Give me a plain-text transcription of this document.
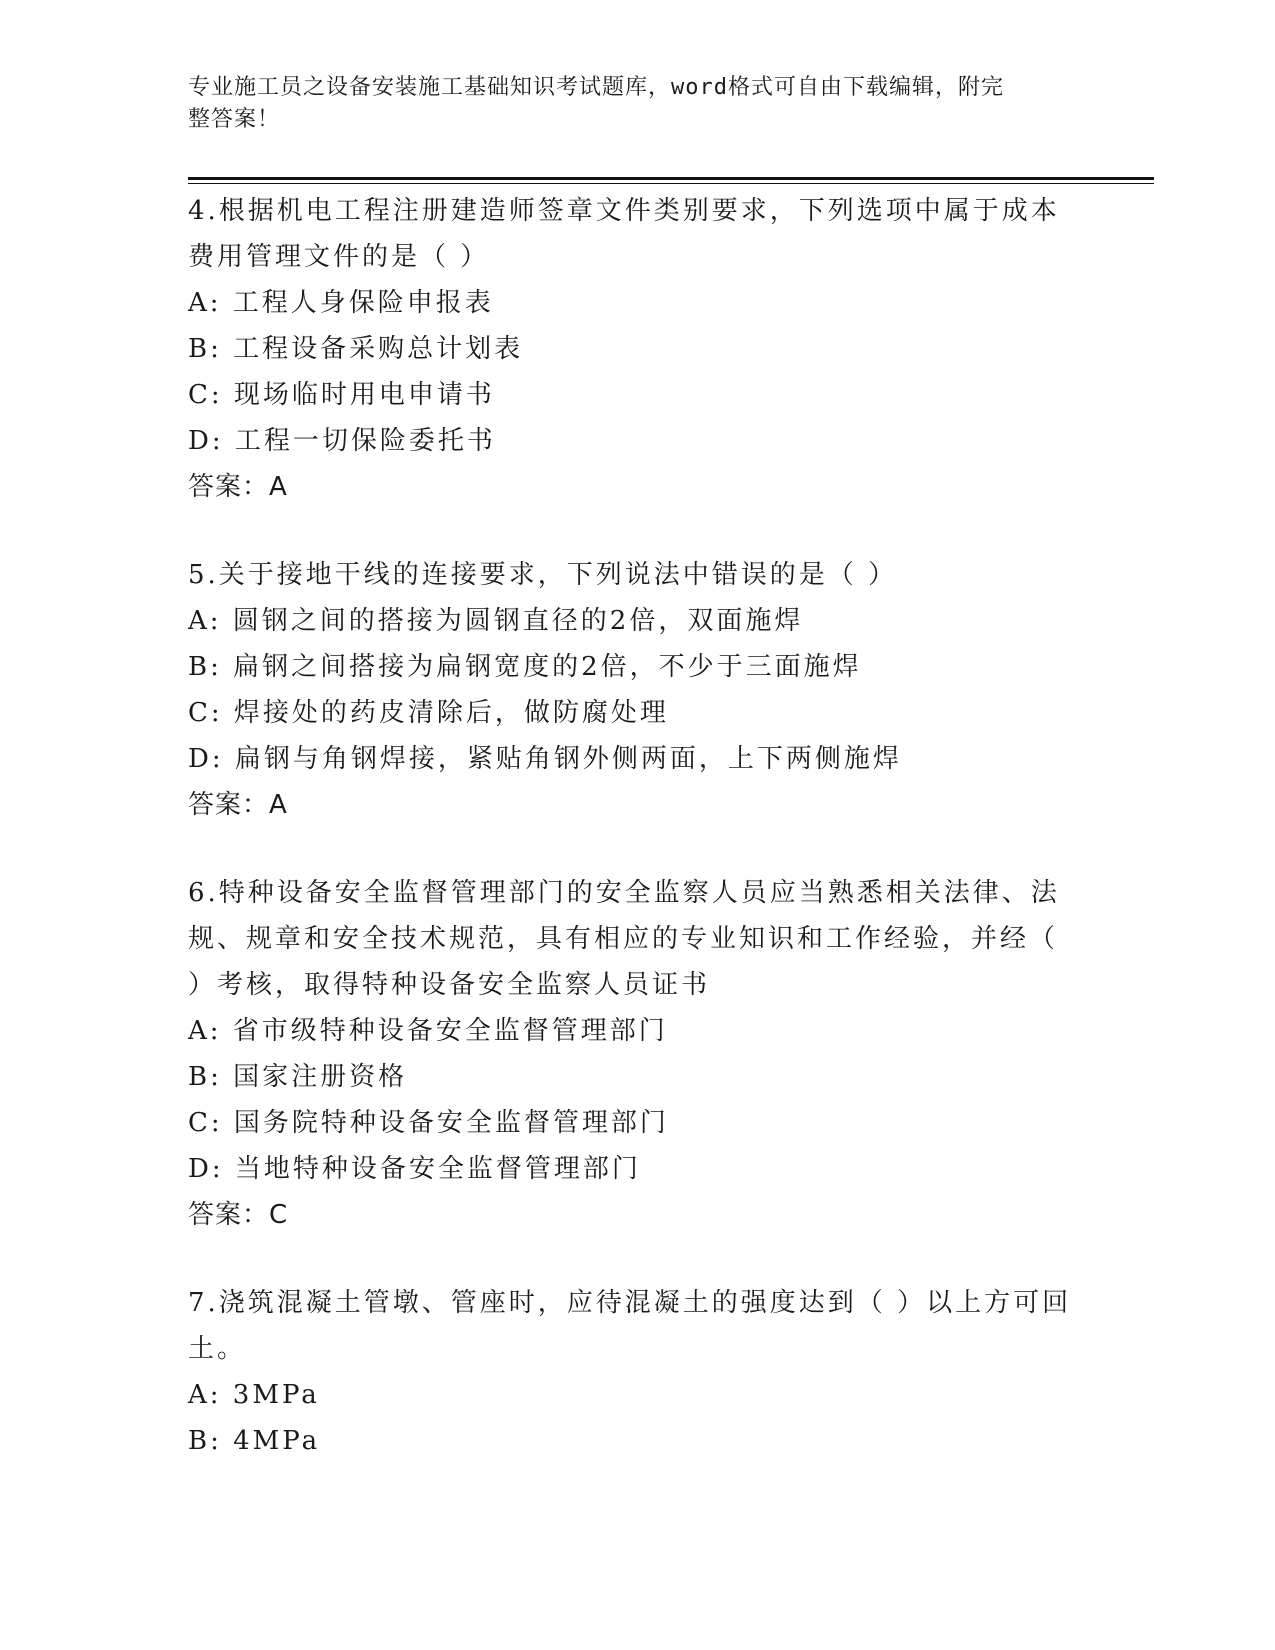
专业施工员之设备安装施工基础知识考试题库，word格式可自由下载编辑，附完
整答案！
4.根据机电工程注册建造师签章文件类别要求，下列选项中属于成本
费用管理文件的是（ ）
A: 工程人身保险申报表
B: 工程设备采购总计划表
C: 现场临时用电申请书
D: 工程一切保险委托书
答案：A
5.关于接地干线的连接要求，下列说法中错误的是（ ）
A: 圆钢之间的搭接为圆钢直径的2倍，双面施焊
B: 扁钢之间搭接为扁钢宽度的2倍，不少于三面施焊
C: 焊接处的药皮清除后，做防腐处理
D: 扁钢与角钢焊接，紧贴角钢外侧两面，上下两侧施焊
答案：A
6.特种设备安全监督管理部门的安全监察人员应当熟悉相关法律、法
规、规章和安全技术规范，具有相应的专业知识和工作经验，并经（
）考核，取得特种设备安全监察人员证书
A: 省市级特种设备安全监督管理部门
B: 国家注册资格
C: 国务院特种设备安全监督管理部门
D: 当地特种设备安全监督管理部门
答案：C
7.浇筑混凝土管墩、管座时，应待混凝土的强度达到（ ）以上方可回
土。
A: 3MPa
B: 4MPa
